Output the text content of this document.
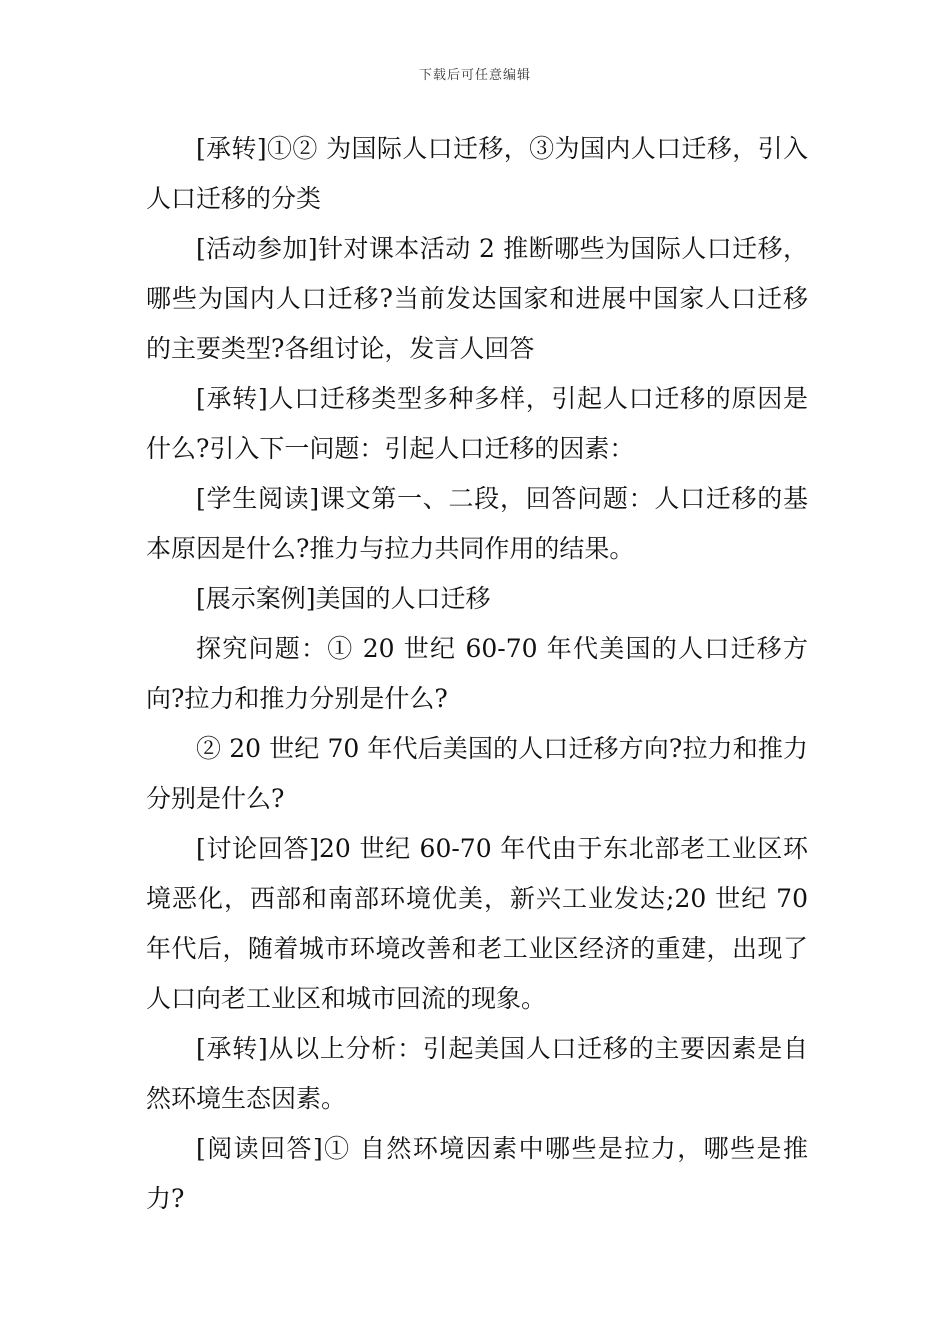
下载后可任意编辑

[承转]①② 为国际人口迁移，③为国内人口迁移，引入人口迁移的分类

[活动参加]针对课本活动 2 推断哪些为国际人口迁移，哪些为国内人口迁移?当前发达国家和进展中国家人口迁移的主要类型?各组讨论，发言人回答

[承转]人口迁移类型多种多样，引起人口迁移的原因是什么?引入下一问题：引起人口迁移的因素：

[学生阅读]课文第一、二段，回答问题：人口迁移的基本原因是什么?推力与拉力共同作用的结果。

[展示案例]美国的人口迁移

探究问题：① 20 世纪 60-70 年代美国的人口迁移方向?拉力和推力分别是什么?

② 20 世纪 70 年代后美国的人口迁移方向?拉力和推力分别是什么?

[讨论回答]20 世纪 60-70 年代由于东北部老工业区环境恶化，西部和南部环境优美，新兴工业发达;20 世纪 70 年代后，随着城市环境改善和老工业区经济的重建，出现了人口向老工业区和城市回流的现象。

[承转]从以上分析：引起美国人口迁移的主要因素是自然环境生态因素。

[阅读回答]① 自然环境因素中哪些是拉力，哪些是推力?
